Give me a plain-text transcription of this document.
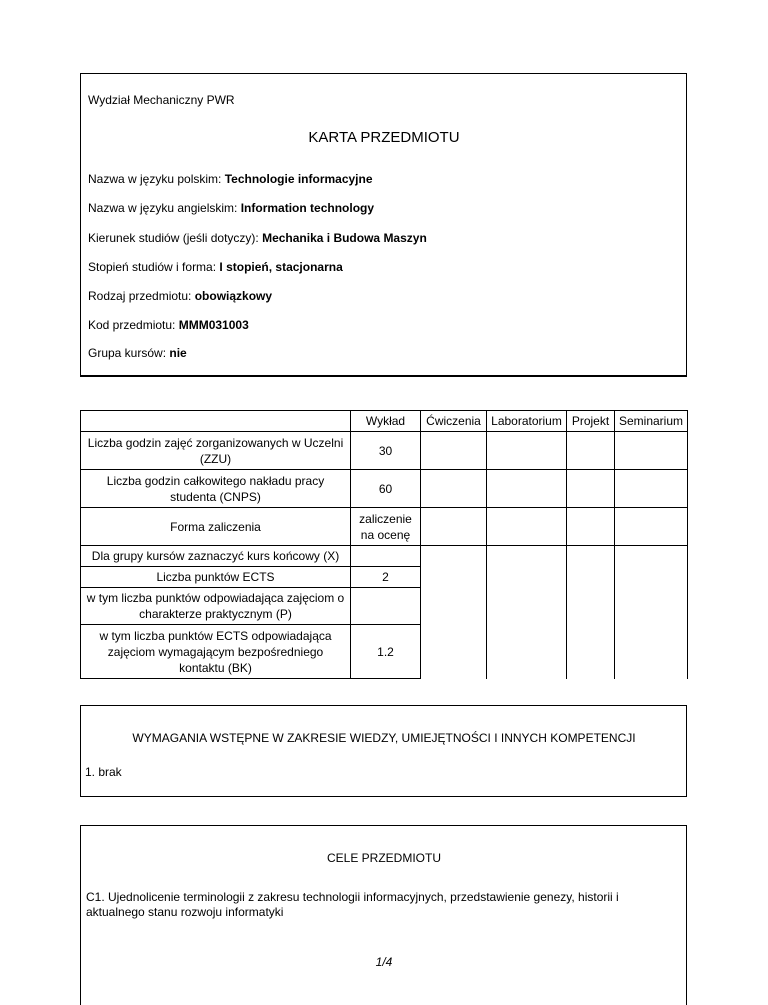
Wydział Mechaniczny PWR
KARTA PRZEDMIOTU
Nazwa w języku polskim: Technologie informacyjne
Nazwa w języku angielskim: Information technology
Kierunek studiów (jeśli dotyczy): Mechanika i Budowa Maszyn
Stopień studiów i forma: I stopień, stacjonarna
Rodzaj przedmiotu: obowiązkowy
Kod przedmiotu: MMM031003
Grupa kursów: nie
	Wykład	Ćwiczenia	Laboratorium	Projekt	Seminarium
Liczba godzin zajęć zorganizowanych w Uczelni (ZZU)	30				
Liczba godzin całkowitego nakładu pracy studenta (CNPS)	60				
Forma zaliczenia	zaliczenie na ocenę				
Dla grupy kursów zaznaczyć kurs końcowy (X)					
Liczba punktów ECTS	2				
w tym liczba punktów odpowiadająca zajęciom o charakterze praktycznym (P)					
w tym liczba punktów ECTS odpowiadająca zajęciom wymagającym bezpośredniego kontaktu (BK)	1.2				
WYMAGANIA WSTĘPNE W ZAKRESIE WIEDZY, UMIEJĘTNOŚCI I INNYCH KOMPETENCJI
1. brak
CELE PRZEDMIOTU
C1. Ujednolicenie terminologii z zakresu technologii informacyjnych, przedstawienie genezy, historii i aktualnego stanu rozwoju informatyki
1/4
